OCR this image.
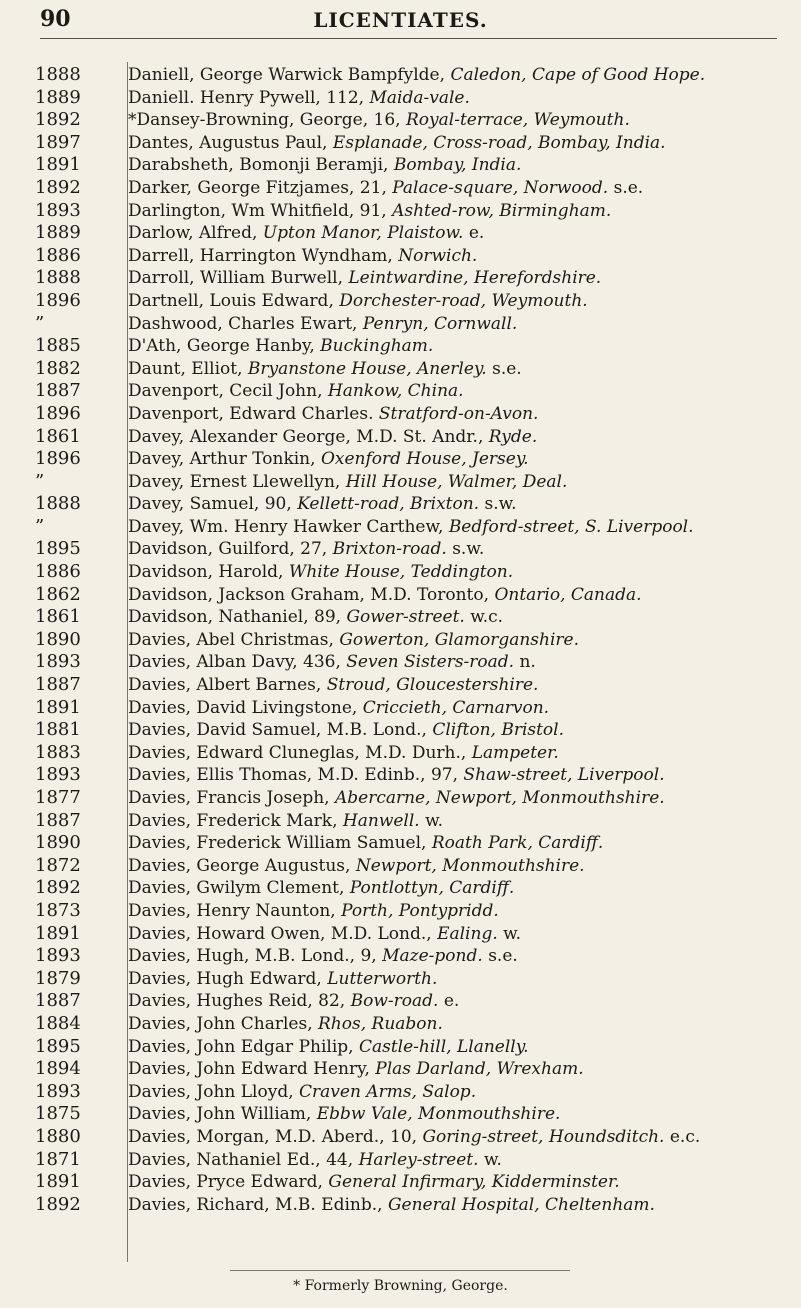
90	LICENTIATES.
1888	Daniell, George Warwick Bampfylde, Caledon, Cape of Good Hope.
1889	Daniell. Henry Pywell, 112, Maida-vale.
1892	*Dansey-Browning, George, 16, Royal-terrace, Weymouth.
1897	Dantes, Augustus Paul, Esplanade, Cross-road, Bombay, India.
1891	Darabsheth, Bomonji Beramji, Bombay, India.
1892	Darker, George Fitzjames, 21, Palace-square, Norwood. s.e.
1893	Darlington, Wm Whitfield, 91, Ashted-row, Birmingham.
1889	Darlow, Alfred, Upton Manor, Plaistow. e.
1886	Darrell, Harrington Wyndham, Norwich.
1888	Darroll, William Burwell, Leintwardine, Herefordshire.
1896	Dartnell, Louis Edward, Dorchester-road, Weymouth.
”	Dashwood, Charles Ewart, Penryn, Cornwall.
1885	D'Ath, George Hanby, Buckingham.
1882	Daunt, Elliot, Bryanstone House, Anerley. s.e.
1887	Davenport, Cecil John, Hankow, China.
1896	Davenport, Edward Charles. Stratford-on-Avon.
1861	Davey, Alexander George, M.D. St. Andr., Ryde.
1896	Davey, Arthur Tonkin, Oxenford House, Jersey.
”	Davey, Ernest Llewellyn, Hill House, Walmer, Deal.
1888	Davey, Samuel, 90, Kellett-road, Brixton. s.w.
”	Davey, Wm. Henry Hawker Carthew, Bedford-street, S. Liverpool.
1895	Davidson, Guilford, 27, Brixton-road. s.w.
1886	Davidson, Harold, White House, Teddington.
1862	Davidson, Jackson Graham, M.D. Toronto, Ontario, Canada.
1861	Davidson, Nathaniel, 89, Gower-street. w.c.
1890	Davies, Abel Christmas, Gowerton, Glamorganshire.
1893	Davies, Alban Davy, 436, Seven Sisters-road. n.
1887	Davies, Albert Barnes, Stroud, Gloucestershire.
1891	Davies, David Livingstone, Criccieth, Carnarvon.
1881	Davies, David Samuel, M.B. Lond., Clifton, Bristol.
1883	Davies, Edward Cluneglas, M.D. Durh., Lampeter.
1893	Davies, Ellis Thomas, M.D. Edinb., 97, Shaw-street, Liverpool.
1877	Davies, Francis Joseph, Abercarne, Newport, Monmouthshire.
1887	Davies, Frederick Mark, Hanwell. w.
1890	Davies, Frederick William Samuel, Roath Park, Cardiff.
1872	Davies, George Augustus, Newport, Monmouthshire.
1892	Davies, Gwilym Clement, Pontlottyn, Cardiff.
1873	Davies, Henry Naunton, Porth, Pontypridd.
1891	Davies, Howard Owen, M.D. Lond., Ealing. w.
1893	Davies, Hugh, M.B. Lond., 9, Maze-pond. s.e.
1879	Davies, Hugh Edward, Lutterworth.
1887	Davies, Hughes Reid, 82, Bow-road. e.
1884	Davies, John Charles, Rhos, Ruabon.
1895	Davies, John Edgar Philip, Castle-hill, Llanelly.
1894	Davies, John Edward Henry, Plas Darland, Wrexham.
1893	Davies, John Lloyd, Craven Arms, Salop.
1875	Davies, John William, Ebbw Vale, Monmouthshire.
1880	Davies, Morgan, M.D. Aberd., 10, Goring-street, Houndsditch. e.c.
1871	Davies, Nathaniel Ed., 44, Harley-street. w.
1891	Davies, Pryce Edward, General Infirmary, Kidderminster.
1892	Davies, Richard, M.B. Edinb., General Hospital, Cheltenham.
* Formerly Browning, George.
